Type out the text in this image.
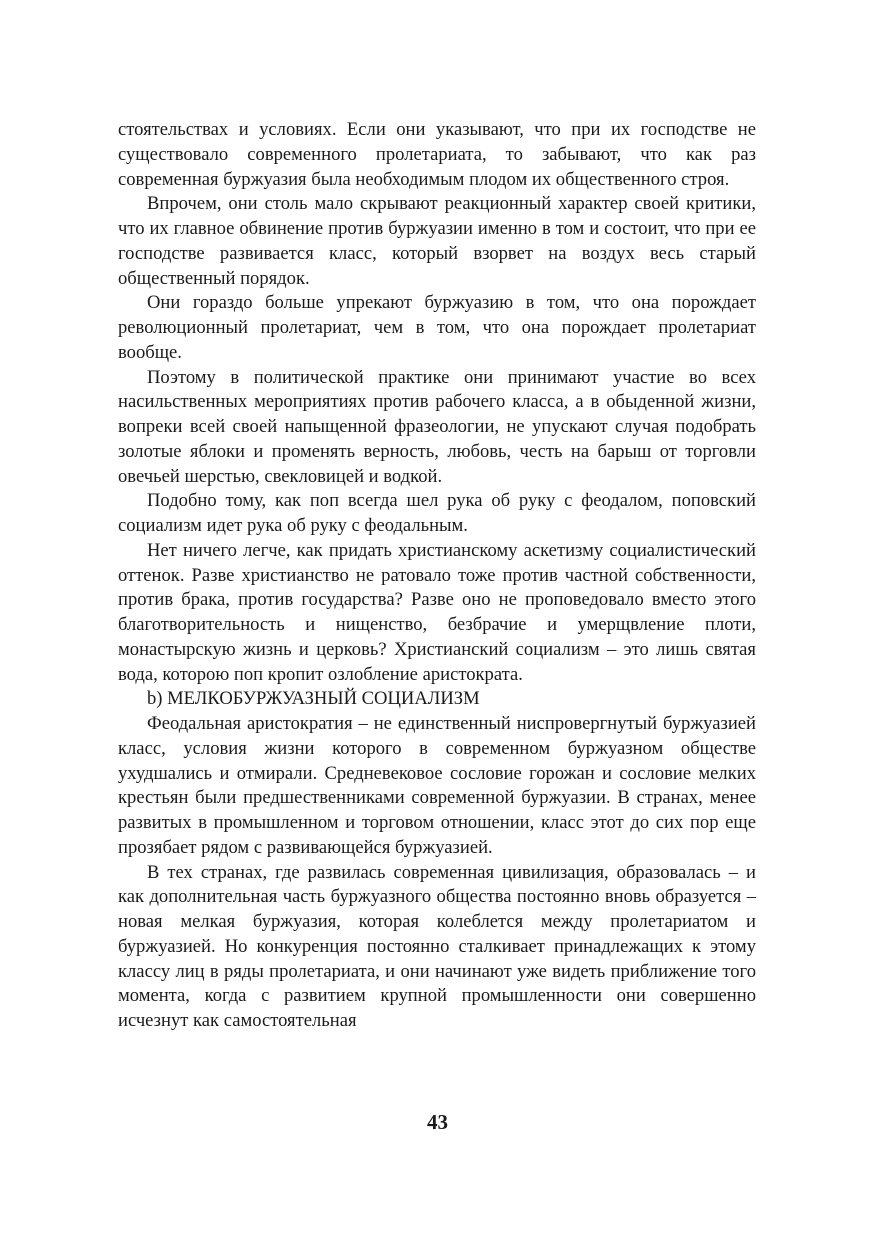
стоятельствах и условиях. Если они указывают, что при их господстве не существовало современного пролетариата, то забывают, что как раз современная буржуазия была необходимым плодом их общественного строя.

Впрочем, они столь мало скрывают реакционный характер своей критики, что их главное обвинение против буржуазии именно в том и состоит, что при ее господстве развивается класс, который взорвет на воздух весь старый общественный порядок.

Они гораздо больше упрекают буржуазию в том, что она порождает революционный пролетариат, чем в том, что она порождает пролетариат вообще.

Поэтому в политической практике они принимают участие во всех насильственных мероприятиях против рабочего класса, а в обыденной жизни, вопреки всей своей напыщенной фразеологии, не упускают случая подобрать золотые яблоки и променять верность, любовь, честь на барыш от торговли овечьей шерстью, свекловицей и водкой.

Подобно тому, как поп всегда шел рука об руку с феодалом, поповский социализм идет рука об руку с феодальным.

Нет ничего легче, как придать христианскому аскетизму социалистический оттенок. Разве христианство не ратовало тоже против частной собственности, против брака, против государства? Разве оно не проповедовало вместо этого благотворительность и нищенство, безбрачие и умерщвление плоти, монастырскую жизнь и церковь? Христианский социализм – это лишь святая вода, которою поп кропит озлобление аристократа.

b) МЕЛКОБУРЖУАЗНЫЙ СОЦИАЛИЗМ

Феодальная аристократия – не единственный ниспровергнутый буржуазией класс, условия жизни которого в современном буржуазном обществе ухудшались и отмирали. Средневековое сословие горожан и сословие мелких крестьян были предшественниками современной буржуазии. В странах, менее развитых в промышленном и торговом отношении, класс этот до сих пор еще прозябает рядом с развивающейся буржуазией.

В тех странах, где развилась современная цивилизация, образовалась – и как дополнительная часть буржуазного общества постоянно вновь образуется – новая мелкая буржуазия, которая колеблется между пролетариатом и буржуазией. Но конкуренция постоянно сталкивает принадлежащих к этому классу лиц в ряды пролетариата, и они начинают уже видеть приближение того момента, когда с развитием крупной промышленности они совершенно исчезнут как самостоятельная

43
